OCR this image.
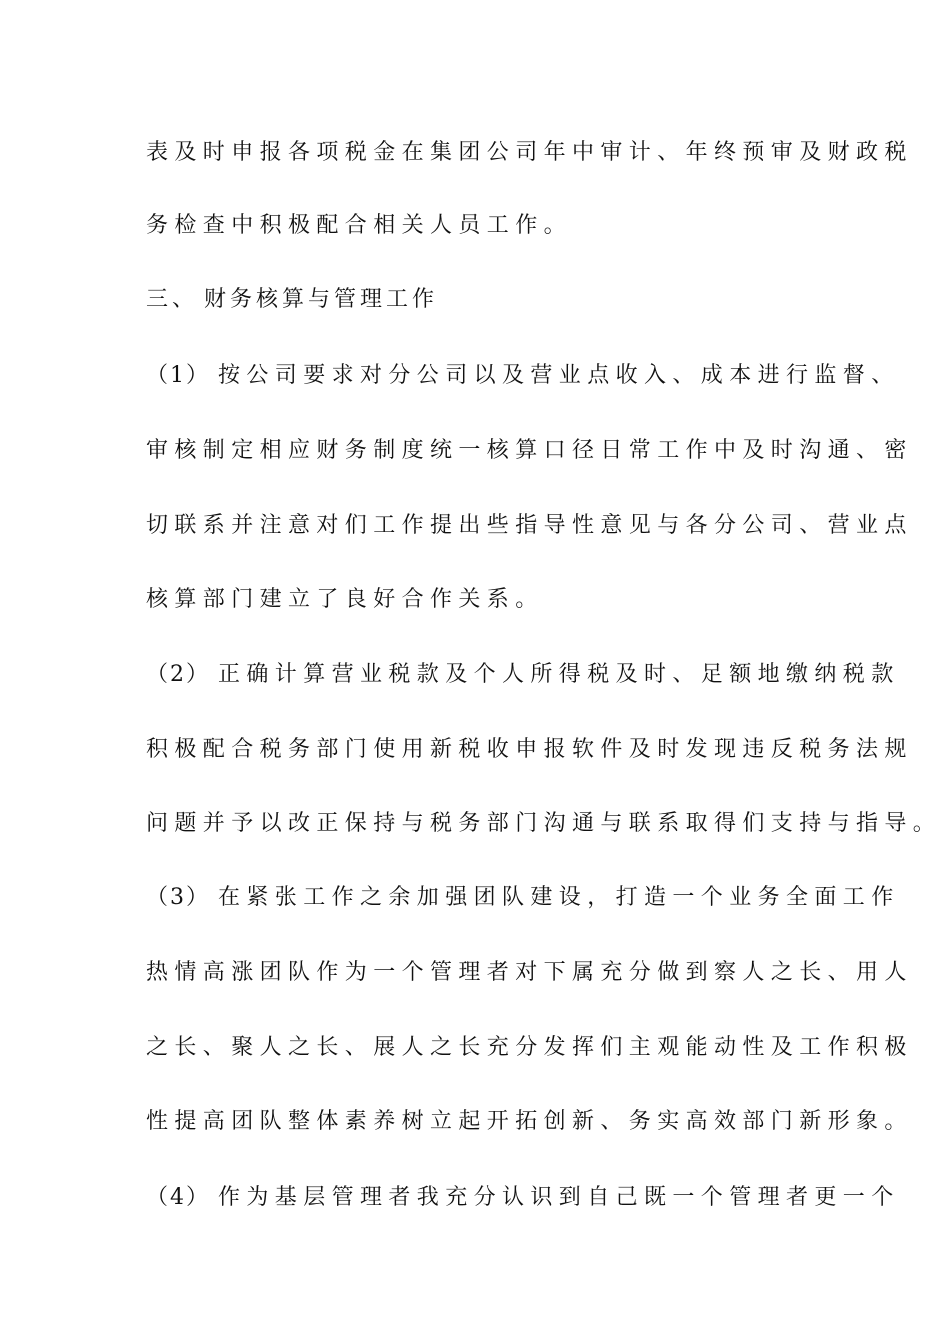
表及时申报各项税金在集团公司年中审计、年终预审及财政税
务检查中积极配合相关人员工作。
三、 财务核算与管理工作
（1） 按公司要求对分公司以及营业点收入、成本进行监督、
审核制定相应财务制度统一核算口径日常工作中及时沟通、密
切联系并注意对们工作提出些指导性意见与各分公司、营业点
核算部门建立了良好合作关系。
（2） 正确计算营业税款及个人所得税及时、足额地缴纳税款
积极配合税务部门使用新税收申报软件及时发现违反税务法规
问题并予以改正保持与税务部门沟通与联系取得们支持与指导。
（3） 在紧张工作之余加强团队建设，打造一个业务全面工作
热情高涨团队作为一个管理者对下属充分做到察人之长、用人
之长、聚人之长、展人之长充分发挥们主观能动性及工作积极
性提高团队整体素养树立起开拓创新、务实高效部门新形象。
（4） 作为基层管理者我充分认识到自己既一个管理者更一个
